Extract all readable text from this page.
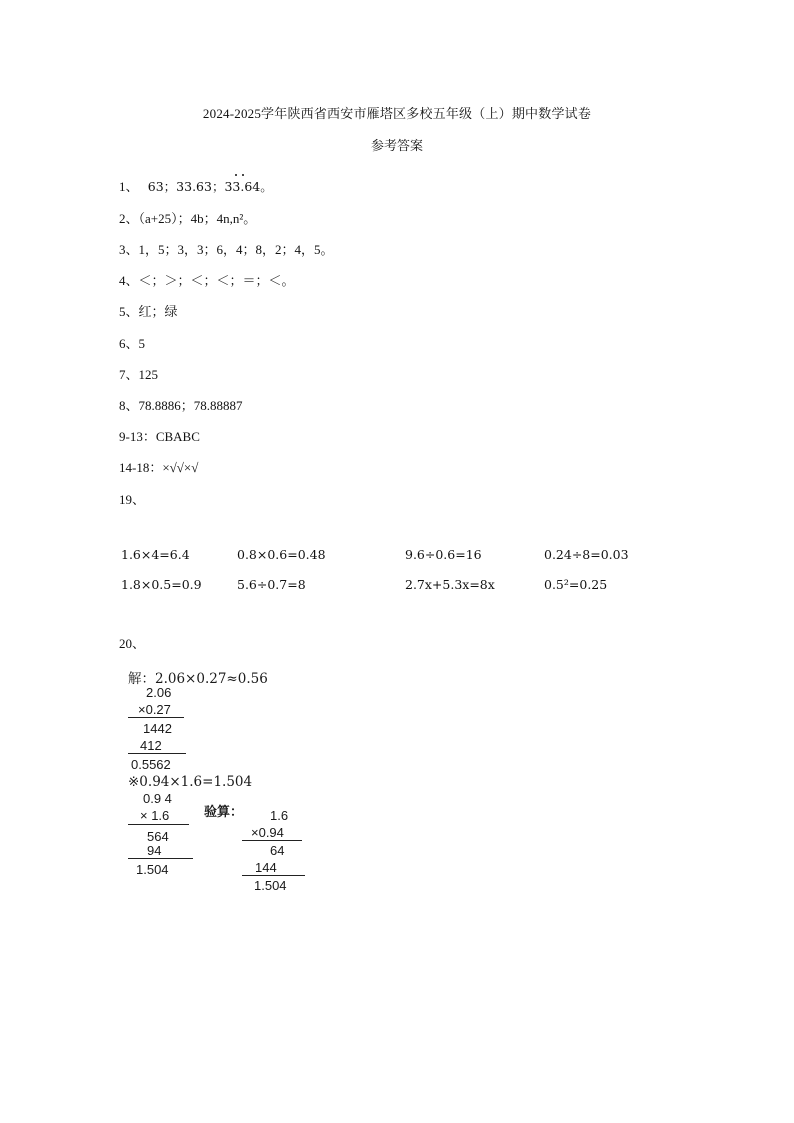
2024-2025学年陕西省西安市雁塔区多校五年级（上）期中数学试卷
参考答案
1、 63；33.63；33.64。
2、（a+25）；4b；4n,n²。
3、1，5；3，3；6，4；8，2；4，5。
4、＜；＞；＜；＜；＝；＜。
5、红；绿
6、5
7、125
8、78.8886；78.88887
9-13：CBABC
14-18：×√√×√
19、
1.6×4=6.4	0.8×0.6=0.48	9.6÷0.6=16	0.24÷8=0.03
1.8×0.5=0.9	5.6÷0.7=8	2.7x+5.3x=8x	0.5²=0.25
20、
解：2.06×0.27≈0.56
2.06
×0.27
1442
412
0.5562
※0.94×1.6=1.504
0.9 4
× 1.6
564
94
1.504
验算： 1.6
×0.94
64
144
1.504
